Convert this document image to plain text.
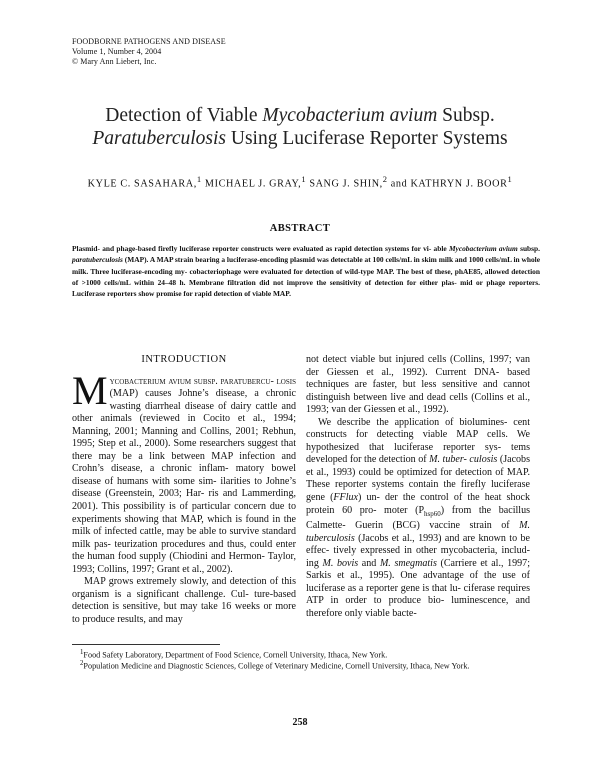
FOODBORNE PATHOGENS AND DISEASE
Volume 1, Number 4, 2004
© Mary Ann Liebert, Inc.
Detection of Viable Mycobacterium avium Subsp.
Paratuberculosis Using Luciferase Reporter Systems
KYLE C. SASAHARA,$^1$ MICHAEL J. GRAY,$^1$ SANG J. SHIN,$^2$ and KATHRYN J. BOOR$^1$
ABSTRACT
Plasmid- and phage-based firefly luciferase reporter constructs were evaluated as rapid detection systems for vi- able Mycobacterium avium subsp. paratuberculosis (MAP). A MAP strain bearing a luciferase-encoding plasmid was detectable at 100 cells/mL in skim milk and 1000 cells/mL in whole milk. Three luciferase-encoding my- cobacteriophage were evaluated for detection of wild-type MAP. The best of these, phAE85, allowed detection of >1000 cells/mL within 24–48 h. Membrane filtration did not improve the sensitivity of detection for either plas- mid or phage reporters. Luciferase reporters show promise for rapid detection of viable MAP.
INTRODUCTION

Mycobacterium avium subsp. paratubercu- losis (MAP) causes Johne’s disease, a chronic wasting diarrheal disease of dairy cattle and other animals (reviewed in Cocito et al., 1994; Manning, 2001; Manning and Collins, 2001; Rebhun, 1995; Step et al., 2000). Some researchers suggest that there may be a link between MAP infection and Crohn’s disease, a chronic inflam- matory bowel disease of humans with some sim- ilarities to Johne’s disease (Greenstein, 2003; Har- ris and Lammerding, 2001). This possibility is of particular concern due to experiments showing that MAP, which is found in the milk of infected cattle, may be able to survive standard milk pas- teurization procedures and thus, could enter the human food supply (Chiodini and Hermon- Taylor, 1993; Collins, 1997; Grant et al., 2002).

MAP grows extremely slowly, and detection of this organism is a significant challenge. Cul- ture-based detection is sensitive, but may take 16 weeks or more to produce results, and may

not detect viable but injured cells (Collins, 1997; van der Giessen et al., 1992). Current DNA- based techniques are faster, but less sensitive and cannot distinguish between live and dead cells (Collins et al., 1993; van der Giessen et al., 1992).

We describe the application of biolumines- cent constructs for detecting viable MAP cells. We hypothesized that luciferase reporter sys- tems developed for the detection of M. tuber- culosis (Jacobs et al., 1993) could be optimized for detection of MAP. These reporter systems contain the firefly luciferase gene (FFlux) un- der the control of the heat shock protein 60 pro- moter $(P_{hsp60})$ from the bacillus Calmette- Guerin (BCG) vaccine strain of M. tuberculosis (Jacobs et al., 1993) and are known to be effec- tively expressed in other mycobacteria, includ- ing M. bovis and M. smegmatis (Carriere et al., 1997; Sarkis et al., 1995). One advantage of the use of luciferase as a reporter gene is that lu- ciferase requires ATP in order to produce bio- luminescence, and therefore only viable bacte-

$^1$Food Safety Laboratory, Department of Food Science, Cornell University, Ithaca, New York.
$^2$Population Medicine and Diagnostic Sciences, College of Veterinary Medicine, Cornell University, Ithaca, New York.
258
